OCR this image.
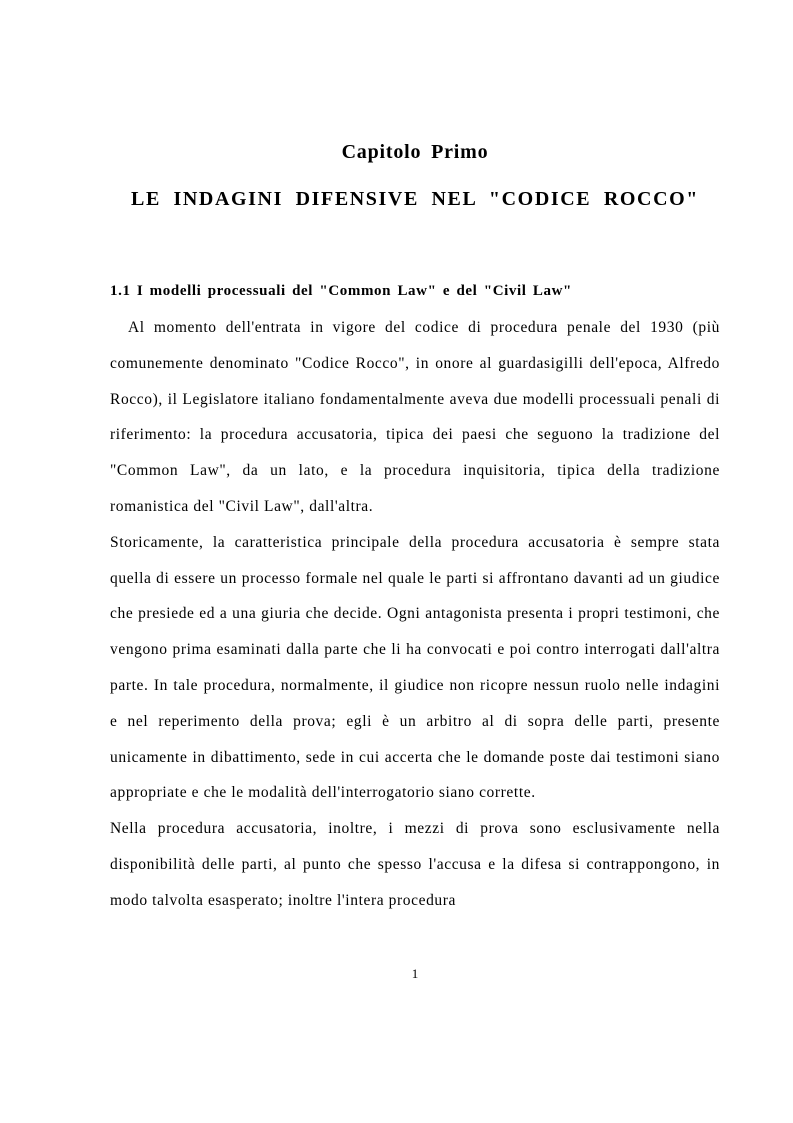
Capitolo Primo
LE INDAGINI DIFENSIVE NEL "CODICE ROCCO"
1.1 I modelli processuali del "Common Law" e del "Civil Law"

Al momento dell'entrata in vigore del codice di procedura penale del 1930 (più comunemente denominato "Codice Rocco", in onore al guardasigilli dell'epoca, Alfredo Rocco), il Legislatore italiano fondamentalmente aveva due modelli processuali penali di riferimento: la procedura accusatoria, tipica dei paesi che seguono la tradizione del "Common Law", da un lato, e la procedura inquisitoria, tipica della tradizione romanistica del "Civil Law", dall'altra.

Storicamente, la caratteristica principale della procedura accusatoria è sempre stata quella di essere un processo formale nel quale le parti si affrontano davanti ad un giudice che presiede ed a una giuria che decide. Ogni antagonista presenta i propri testimoni, che vengono prima esaminati dalla parte che li ha convocati e poi contro interrogati dall'altra parte. In tale procedura, normalmente, il giudice non ricopre nessun ruolo nelle indagini e nel reperimento della prova; egli è un arbitro al di sopra delle parti, presente unicamente in dibattimento, sede in cui accerta che le domande poste dai testimoni siano appropriate e che le modalità dell'interrogatorio siano corrette.

Nella procedura accusatoria, inoltre, i mezzi di prova sono esclusivamente nella disponibilità delle parti, al punto che spesso l'accusa e la difesa si contrappongono, in modo talvolta esasperato; inoltre l'intera procedura

1
